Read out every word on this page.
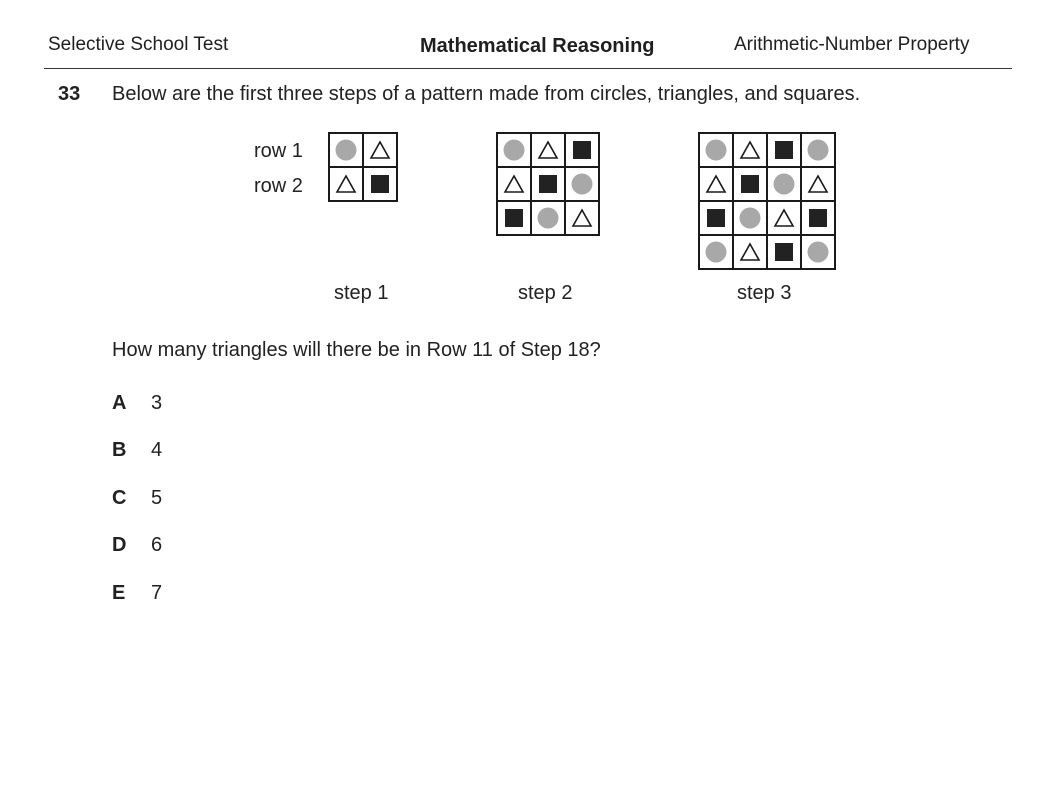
Selective School Test	Mathematical Reasoning	Arithmetic-Number Property
33 Below are the first three steps of a pattern made from circles, triangles, and squares.
row 1
row 2

step 1	step 2	step 3
How many triangles will there be in Row 11 of Step 18?
A 3
B 4
C 5
D 6
E 7
